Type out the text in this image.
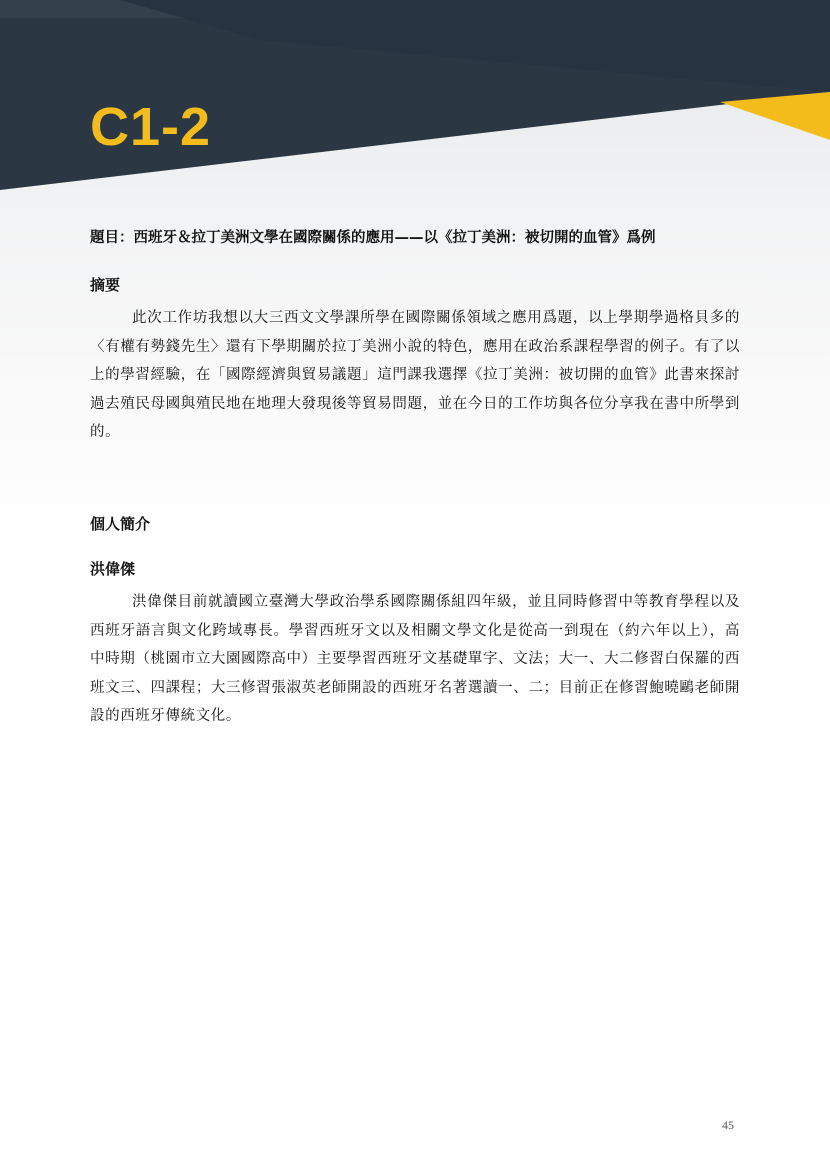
C1-2
題目：西班牙＆拉丁美洲文學在國際關係的應用——以《拉丁美洲：被切開的血管》爲例
摘要

此次工作坊我想以大三西文文學課所學在國際關係領域之應用爲題，以上學期學過格貝多的〈有權有勢錢先生〉還有下學期關於拉丁美洲小說的特色，應用在政治系課程學習的例子。有了以上的學習經驗，在「國際經濟與貿易議題」這門課我選擇《拉丁美洲：被切開的血管》此書來探討過去殖民母國與殖民地在地理大發現後等貿易問題，並在今日的工作坊與各位分享我在書中所學到的。

個人簡介
洪偉傑

洪偉傑目前就讀國立臺灣大學政治學系國際關係組四年級，並且同時修習中等教育學程以及西班牙語言與文化跨域專長。學習西班牙文以及相關文學文化是從高一到現在（約六年以上），高中時期（桃園市立大園國際高中）主要學習西班牙文基礎單字、文法；大一、大二修習白保羅的西班文三、四課程；大三修習張淑英老師開設的西班牙名著選讀一、二；目前正在修習鮑曉鷗老師開設的西班牙傳統文化。

45
